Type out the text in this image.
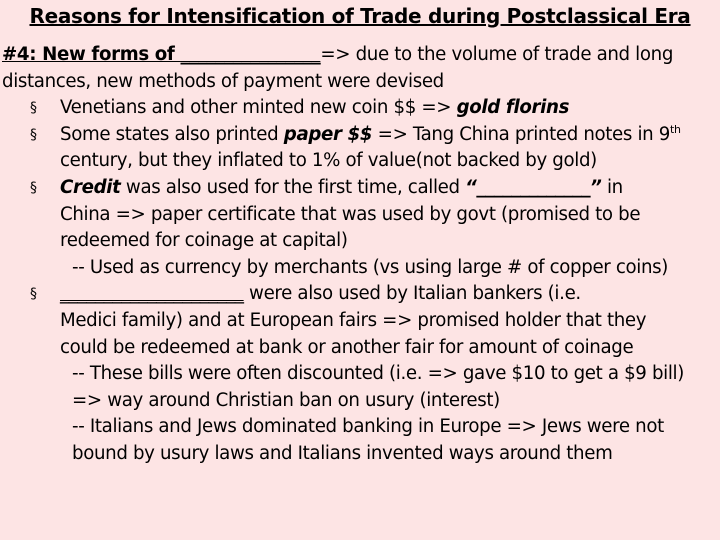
Reasons for Intensification of Trade during Postclassical Era
#4: New forms of ________________=> due to the volume of trade and long
distances, new methods of payment were devised
§	Venetians and other minted new coin $$ => gold florins
§	Some states also printed paper $$ => Tang China printed notes in 9th
century, but they inflated to 1% of value(not backed by gold)
§	Credit was also used for the first time, called “_____________” in
China => paper certificate that was used by govt (promised to be
redeemed for coinage at capital)
-- Used as currency by merchants (vs using large # of copper coins)
§	_____________________ were also used by Italian bankers (i.e.
Medici family) and at European fairs => promised holder that they
could be redeemed at bank or another fair for amount of coinage
-- These bills were often discounted (i.e. => gave $10 to get a $9 bill)
=> way around Christian ban on usury (interest)
-- Italians and Jews dominated banking in Europe => Jews were not
bound by usury laws and Italians invented ways around them
